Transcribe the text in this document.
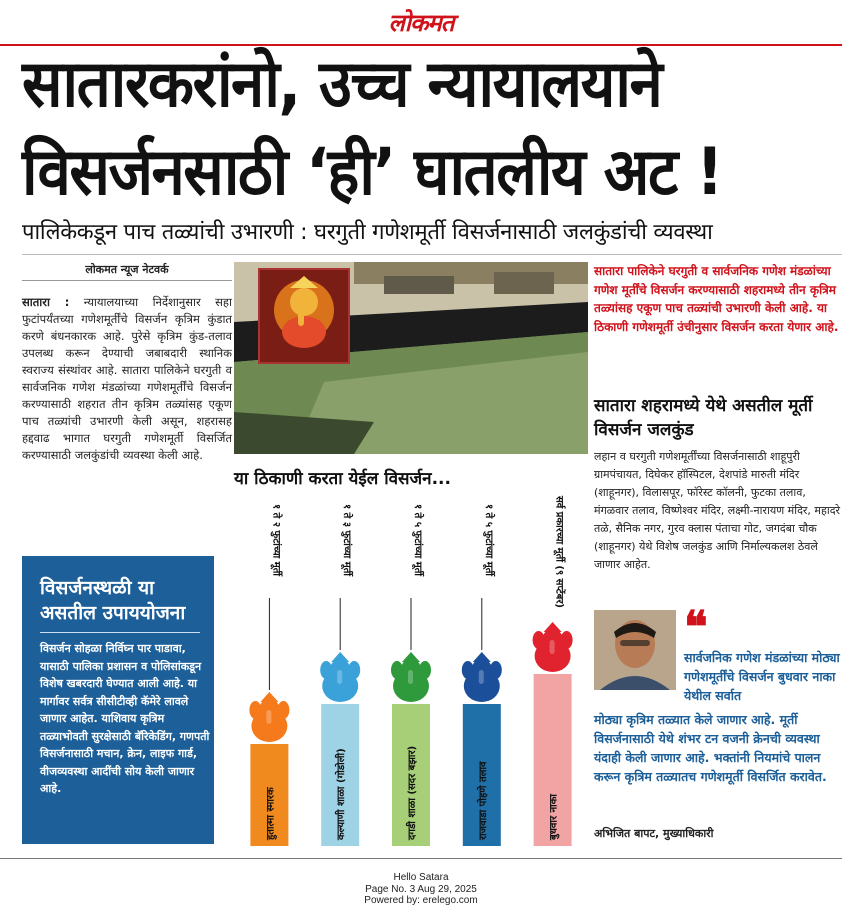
लोकमत
सातारकरांनो, उच्च न्यायालयाने
विसर्जनसाठी ‘ही’ घातलीय अट !
पालिकेकडून पाच तळ्यांची उभारणी : घरगुती गणेशमूर्ती विसर्जनासाठी जलकुंडांची व्यवस्था
लोकमत न्यूज नेटवर्क
सातारा : न्यायालयाच्या निर्देशानुसार सहा फुटांपर्यंतच्या गणेशमूर्तींचे विसर्जन कृत्रिम कुंडात करणे बंधनकारक आहे. पुरेसे कृत्रिम कुंड-तलाव उपलब्ध करून देण्याची जबाबदारी स्थानिक स्वराज्य संस्थांवर आहे. सातारा पालिकेने घरगुती व सार्वजनिक गणेश मंडळांच्या गणेशमूर्तींचे विसर्जन करण्यासाठी शहरात तीन कृत्रिम तळ्यांसह एकूण पाच तळ्यांची उभारणी केली असून, शहरासह हद्दवाढ भागात घरगुती गणेशमूर्ती विसर्जित करण्यासाठी जलकुंडांची व्यवस्था केली आहे.
विसर्जनस्थळी या असतील उपाययोजना
विसर्जन सोहळा निर्विघ्न पार पाडावा, यासाठी पालिका प्रशासन व पोलिसांकडून विशेष खबरदारी घेण्यात आली आहे. या मार्गावर सर्वत्र सीसीटीव्ही कॅमेरे लावले जाणार आहेत. याशिवाय कृत्रिम तळ्याभोवती सुरक्षेसाठी बॅरिकेडिंग, गणपती विसर्जनासाठी मचान, क्रेन, लाइफ गार्ड, वीजव्यवस्था आदींची सोय केली जाणार आहे.
या ठिकाणी करता येईल विसर्जन...
१ ते २ फुटांच्या मूर्ती
हुतात्मा स्मारक
१ ते ३ फुटांच्या मूर्ती
कल्याणी शाळा (गोडोली)
१ ते ५ फुटांच्या मूर्ती
दगडी शाळा (सदर बझार)
१ ते ५ फुटांच्या मूर्ती
राजवाडा पोहणे तलाव
सर्व प्रकारच्या मूर्ती (९ सप्टेंबर)
बुधवार नाका
सातारा पालिकेने घरगुती व सार्वजनिक गणेश मंडळांच्या गणेश मूर्तींचे विसर्जन करण्यासाठी शहरामध्ये तीन कृत्रिम तळ्यांसह एकूण पाच तळ्यांची उभारणी केली आहे. या ठिकाणी गणेशमूर्ती उंचीनुसार विसर्जन करता येणार आहे.
सातारा शहरामध्ये येथे असतील मूर्ती विसर्जन जलकुंड
लहान व घरगुती गणेशमूर्तींच्या विसर्जनासाठी शाहूपुरी ग्रामपंचायत, दिघेकर हॉस्पिटल, देशपांडे मारुती मंदिर (शाहूनगर), विलासपूर, फॉरेस्ट कॉलनी, फुटका तलाव, मंगळवार तलाव, विष्णेश्वर मंदिर, लक्ष्मी-नारायण मंदिर, महादरे तळे, सैनिक नगर, गुरव क्लास पंताचा गोट, जगदंबा चौक (शाहूनगर) येथे विशेष जलकुंड आणि निर्माल्यकलश ठेवले जाणार आहेत.
❝
सार्वजनिक गणेश मंडळांच्या मोठ्या गणेशमूर्तींचे विसर्जन बुधवार नाका येथील सर्वात
मोठ्या कृत्रिम तळ्यात केले जाणार आहे. मूर्ती विसर्जनासाठी येथे शंभर टन वजनी क्रेनची व्यवस्था यंदाही केली जाणार आहे. भक्तांनी नियमांचे पालन करून कृत्रिम तळ्यातच गणेशमूर्ती विसर्जित करावेत.
अभिजित बापट, मुख्याधिकारी
Hello Satara
Page No. 3 Aug 29, 2025
Powered by: erelego.com
